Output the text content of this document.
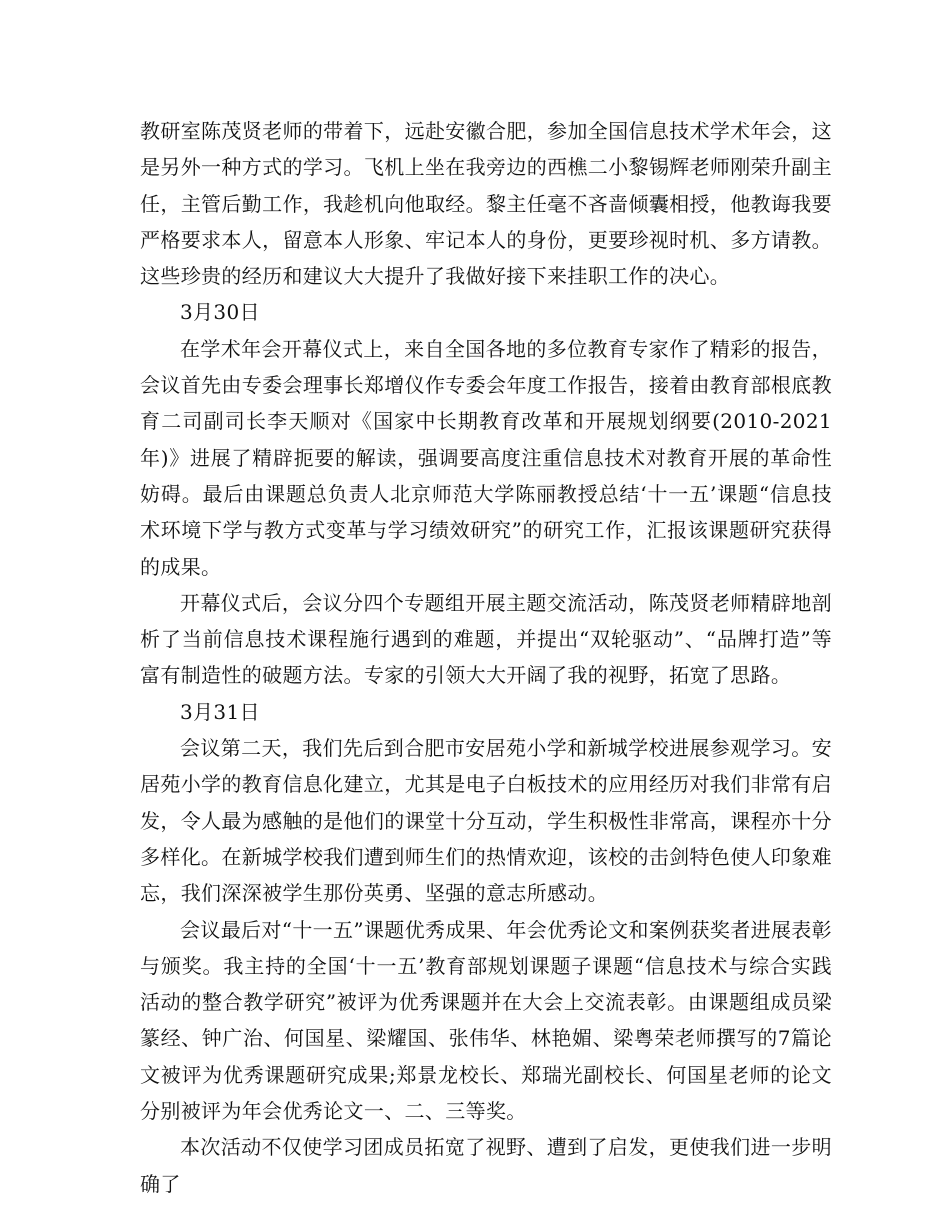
教研室陈茂贤老师的带着下，远赴安徽合肥，参加全国信息技术学术年会，这是另外一种方式的学习。飞机上坐在我旁边的西樵二小黎锡辉老师刚荣升副主任，主管后勤工作，我趁机向他取经。黎主任毫不吝啬倾囊相授，他教诲我要严格要求本人，留意本人形象、牢记本人的身份，更要珍视时机、多方请教。这些珍贵的经历和建议大大提升了我做好接下来挂职工作的决心。

3月30日

在学术年会开幕仪式上，来自全国各地的多位教育专家作了精彩的报告，会议首先由专委会理事长郑增仪作专委会年度工作报告，接着由教育部根底教育二司副司长李天顺对《国家中长期教育改革和开展规划纲要(2010-2021年)》进展了精辟扼要的解读，强调要高度注重信息技术对教育开展的革命性妨碍。最后由课题总负责人北京师范大学陈丽教授总结‘十一五’课题“信息技术环境下学与教方式变革与学习绩效研究”的研究工作，汇报该课题研究获得的成果。

开幕仪式后，会议分四个专题组开展主题交流活动，陈茂贤老师精辟地剖析了当前信息技术课程施行遇到的难题，并提出“双轮驱动”、“品牌打造”等富有制造性的破题方法。专家的引领大大开阔了我的视野，拓宽了思路。

3月31日

会议第二天，我们先后到合肥市安居苑小学和新城学校进展参观学习。安居苑小学的教育信息化建立，尤其是电子白板技术的应用经历对我们非常有启发，令人最为感触的是他们的课堂十分互动，学生积极性非常高，课程亦十分多样化。在新城学校我们遭到师生们的热情欢迎，该校的击剑特色使人印象难忘，我们深深被学生那份英勇、坚强的意志所感动。

会议最后对“十一五”课题优秀成果、年会优秀论文和案例获奖者进展表彰与颁奖。我主持的全国‘十一五’教育部规划课题子课题“信息技术与综合实践活动的整合教学研究”被评为优秀课题并在大会上交流表彰。由课题组成员梁篆经、钟广治、何国星、梁耀国、张伟华、林艳媚、梁粤荣老师撰写的7篇论文被评为优秀课题研究成果;郑景龙校长、郑瑞光副校长、何国星老师的论文分别被评为年会优秀论文一、二、三等奖。

本次活动不仅使学习团成员拓宽了视野、遭到了启发，更使我们进一步明确了
